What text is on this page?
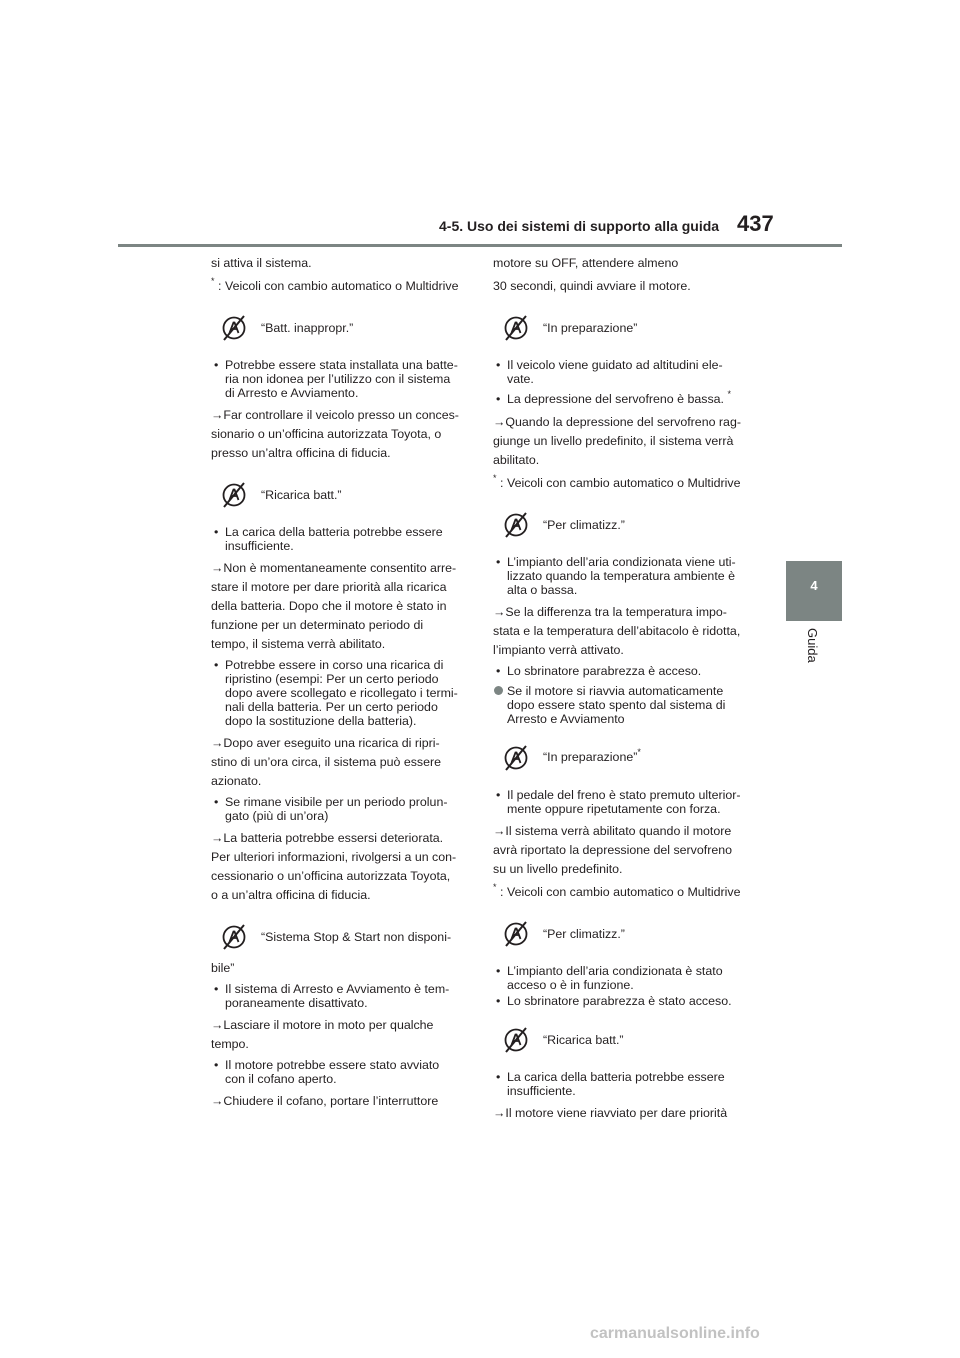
4-5. Uso dei sistemi di supporto alla guida 437
4
Guida
si attiva il sistema.
* : Veicoli con cambio automatico o Multidrive
“Batt. inappropr.”
• Potrebbe essere stata installata una batte-
ria non idonea per l’utilizzo con il sistema
di Arresto e Avviamento.
→Far controllare il veicolo presso un conces-
sionario o un’officina autorizzata Toyota, o
presso un’altra officina di fiducia.
“Ricarica batt.”
• La carica della batteria potrebbe essere
insufficiente.
→Non è momentaneamente consentito arre-
stare il motore per dare priorità alla ricarica
della batteria. Dopo che il motore è stato in
funzione per un determinato periodo di
tempo, il sistema verrà abilitato.
• Potrebbe essere in corso una ricarica di
ripristino (esempi: Per un certo periodo
dopo avere scollegato e ricollegato i termi-
nali della batteria. Per un certo periodo
dopo la sostituzione della batteria).
→Dopo aver eseguito una ricarica di ripri-
stino di un’ora circa, il sistema può essere
azionato.
• Se rimane visibile per un periodo prolun-
gato (più di un’ora)
→La batteria potrebbe essersi deteriorata.
Per ulteriori informazioni, rivolgersi a un con-
cessionario o un’officina autorizzata Toyota,
o a un’altra officina di fiducia.
“Sistema Stop & Start non disponi-
bile”
• Il sistema di Arresto e Avviamento è tem-
poraneamente disattivato.
→Lasciare il motore in moto per qualche
tempo.
• Il motore potrebbe essere stato avviato
con il cofano aperto.
→Chiudere il cofano, portare l’interruttore
motore su OFF, attendere almeno
30 secondi, quindi avviare il motore.
“In preparazione”
• Il veicolo viene guidato ad altitudini ele-
vate.
• La depressione del servofreno è bassa. *
→Quando la depressione del servofreno rag-
giunge un livello predefinito, il sistema verrà
abilitato.
* : Veicoli con cambio automatico o Multidrive
“Per climatizz.”
• L’impianto dell’aria condizionata viene uti-
lizzato quando la temperatura ambiente è
alta o bassa.
→Se la differenza tra la temperatura impo-
stata e la temperatura dell’abitacolo è ridotta,
l’impianto verrà attivato.
• Lo sbrinatore parabrezza è acceso.
Se il motore si riavvia automaticamente
dopo essere stato spento dal sistema di
Arresto e Avviamento
“In preparazione”*
• Il pedale del freno è stato premuto ulterior-
mente oppure ripetutamente con forza.
→Il sistema verrà abilitato quando il motore
avrà riportato la depressione del servofreno
su un livello predefinito.
* : Veicoli con cambio automatico o Multidrive
“Per climatizz.”
• L’impianto dell’aria condizionata è stato
acceso o è in funzione.
• Lo sbrinatore parabrezza è stato acceso.
“Ricarica batt.”
• La carica della batteria potrebbe essere
insufficiente.
→Il motore viene riavviato per dare priorità
carmanualsonline.info
